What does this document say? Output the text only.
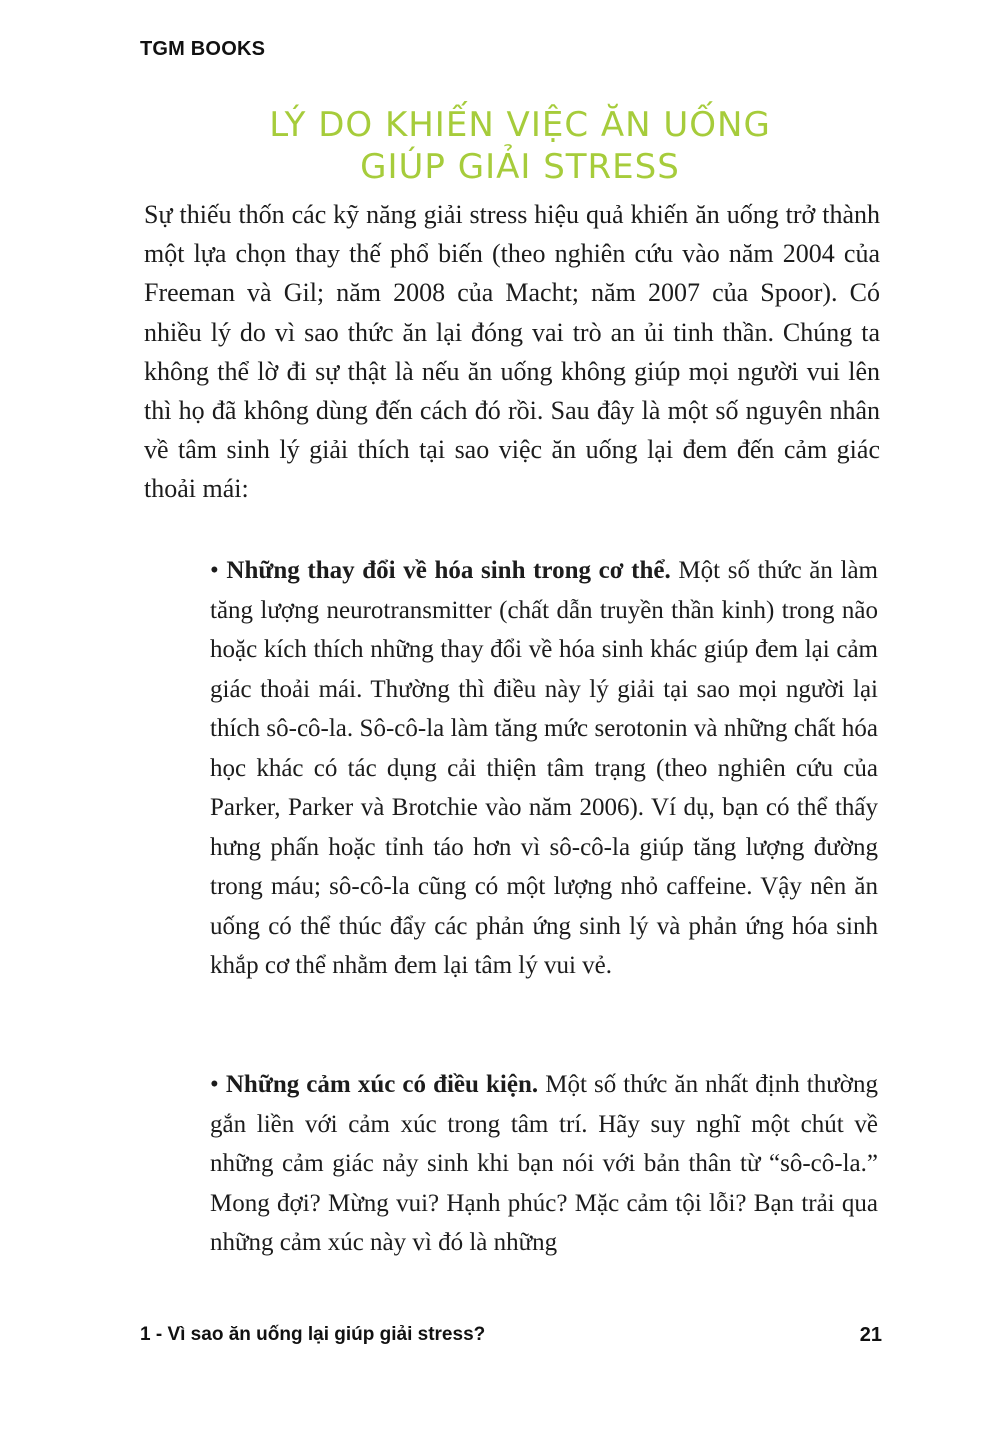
TGM BOOKS
LÝ DO KHIẾN VIỆC ĂN UỐNG
GIÚP GIẢI STRESS

Sự thiếu thốn các kỹ năng giải stress hiệu quả khiến ăn uống trở thành một lựa chọn thay thế phổ biến (theo nghiên cứu vào năm 2004 của Freeman và Gil; năm 2008 của Macht; năm 2007 của Spoor). Có nhiều lý do vì sao thức ăn lại đóng vai trò an ủi tinh thần. Chúng ta không thể lờ đi sự thật là nếu ăn uống không giúp mọi người vui lên thì họ đã không dùng đến cách đó rồi. Sau đây là một số nguyên nhân về tâm sinh lý giải thích tại sao việc ăn uống lại đem đến cảm giác thoải mái:

• Những thay đổi về hóa sinh trong cơ thể. Một số thức ăn làm tăng lượng neurotransmitter (chất dẫn truyền thần kinh) trong não hoặc kích thích những thay đổi về hóa sinh khác giúp đem lại cảm giác thoải mái. Thường thì điều này lý giải tại sao mọi người lại thích sô-cô-la. Sô-cô-la làm tăng mức serotonin và những chất hóa học khác có tác dụng cải thiện tâm trạng (theo nghiên cứu của Parker, Parker và Brotchie vào năm 2006). Ví dụ, bạn có thể thấy hưng phấn hoặc tỉnh táo hơn vì sô-cô-la giúp tăng lượng đường trong máu; sô-cô-la cũng có một lượng nhỏ caffeine. Vậy nên ăn uống có thể thúc đẩy các phản ứng sinh lý và phản ứng hóa sinh khắp cơ thể nhằm đem lại tâm lý vui vẻ.

• Những cảm xúc có điều kiện. Một số thức ăn nhất định thường gắn liền với cảm xúc trong tâm trí. Hãy suy nghĩ một chút về những cảm giác nảy sinh khi bạn nói với bản thân từ “sô-cô-la.” Mong đợi? Mừng vui? Hạnh phúc? Mặc cảm tội lỗi? Bạn trải qua những cảm xúc này vì đó là những

1 - Vì sao ăn uống lại giúp giải stress?	21
